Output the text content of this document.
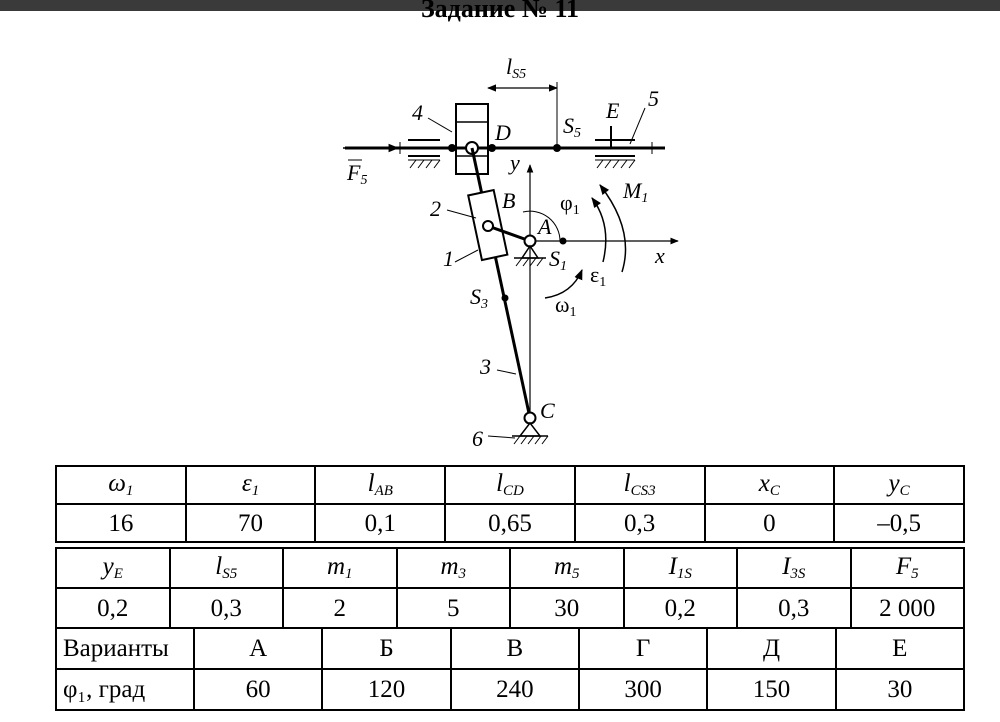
Задание № 11
lS5
4
D S5
E 5
F5
y
2	B φ1
M1
A
x
1	S1 ε1
S3	ω1
3
C
6
$\omega_1$	$\varepsilon_1$	$l_{AB}$	$l_{CD}$	$l_{CS3}$	$x_C$	$y_C$
16	70	0,1	0,65	0,3	0	–0,5
$y_E$	$l_{S5}$	$m_1$	$m_3$	$m_5$	$I_{1S}$	$I_{3S}$	$F_5$
0,2	0,3	2	5	30	0,2	0,3	2 000
Варианты	А	Б	В	Г	Д	Е
φ₁, град	60	120	240	300	150	30
